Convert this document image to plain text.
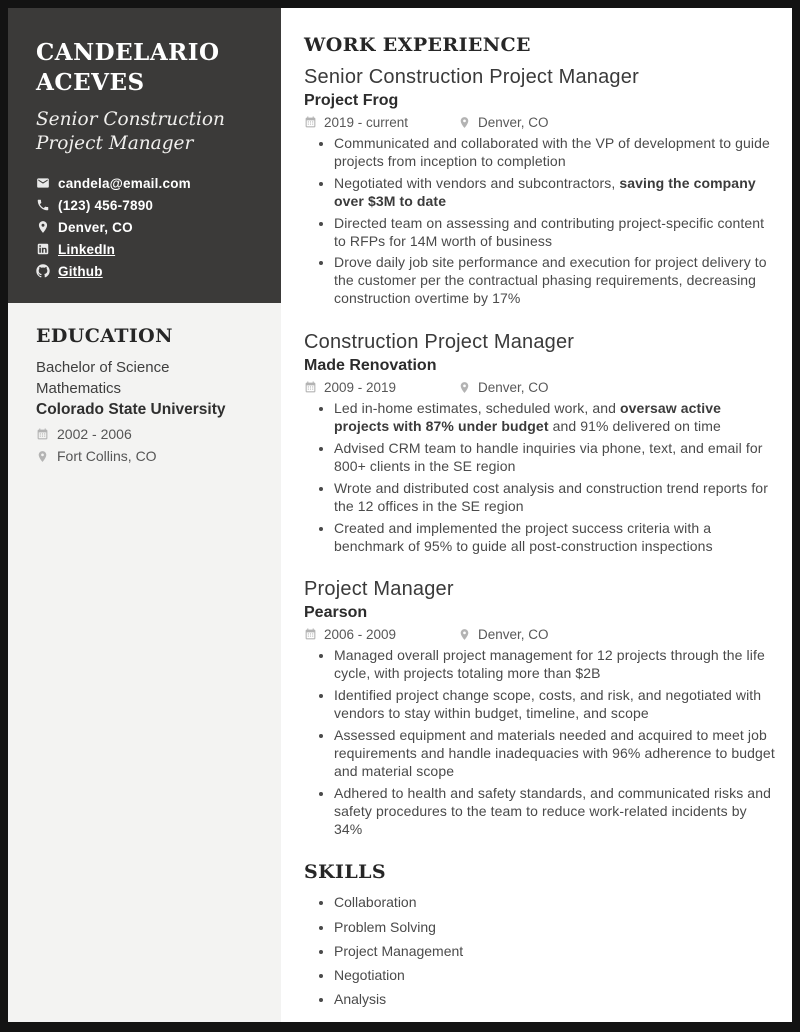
CANDELARIO ACEVES
Senior Construction Project Manager
candela@email.com
(123) 456-7890
Denver, CO
LinkedIn
Github
EDUCATION
Bachelor of Science Mathematics
Colorado State University
2002 - 2006
Fort Collins, CO
WORK EXPERIENCE
Senior Construction Project Manager
Project Frog
2019 - current	Denver, CO
• Communicated and collaborated with the VP of development to guide projects from inception to completion
• Negotiated with vendors and subcontractors, saving the company over $3M to date
• Directed team on assessing and contributing project-specific content to RFPs for 14M worth of business
• Drove daily job site performance and execution for project delivery to the customer per the contractual phasing requirements, decreasing construction overtime by 17%
Construction Project Manager
Made Renovation
2009 - 2019	Denver, CO
• Led in-home estimates, scheduled work, and oversaw active projects with 87% under budget and 91% delivered on time
• Advised CRM team to handle inquiries via phone, text, and email for 800+ clients in the SE region
• Wrote and distributed cost analysis and construction trend reports for the 12 offices in the SE region
• Created and implemented the project success criteria with a benchmark of 95% to guide all post-construction inspections
Project Manager
Pearson
2006 - 2009	Denver, CO
• Managed overall project management for 12 projects through the life cycle, with projects totaling more than $2B
• Identified project change scope, costs, and risk, and negotiated with vendors to stay within budget, timeline, and scope
• Assessed equipment and materials needed and acquired to meet job requirements and handle inadequacies with 96% adherence to budget and material scope
• Adhered to health and safety standards, and communicated risks and safety procedures to the team to reduce work-related incidents by 34%
SKILLS
• Collaboration
• Problem Solving
• Project Management
• Negotiation
• Analysis
